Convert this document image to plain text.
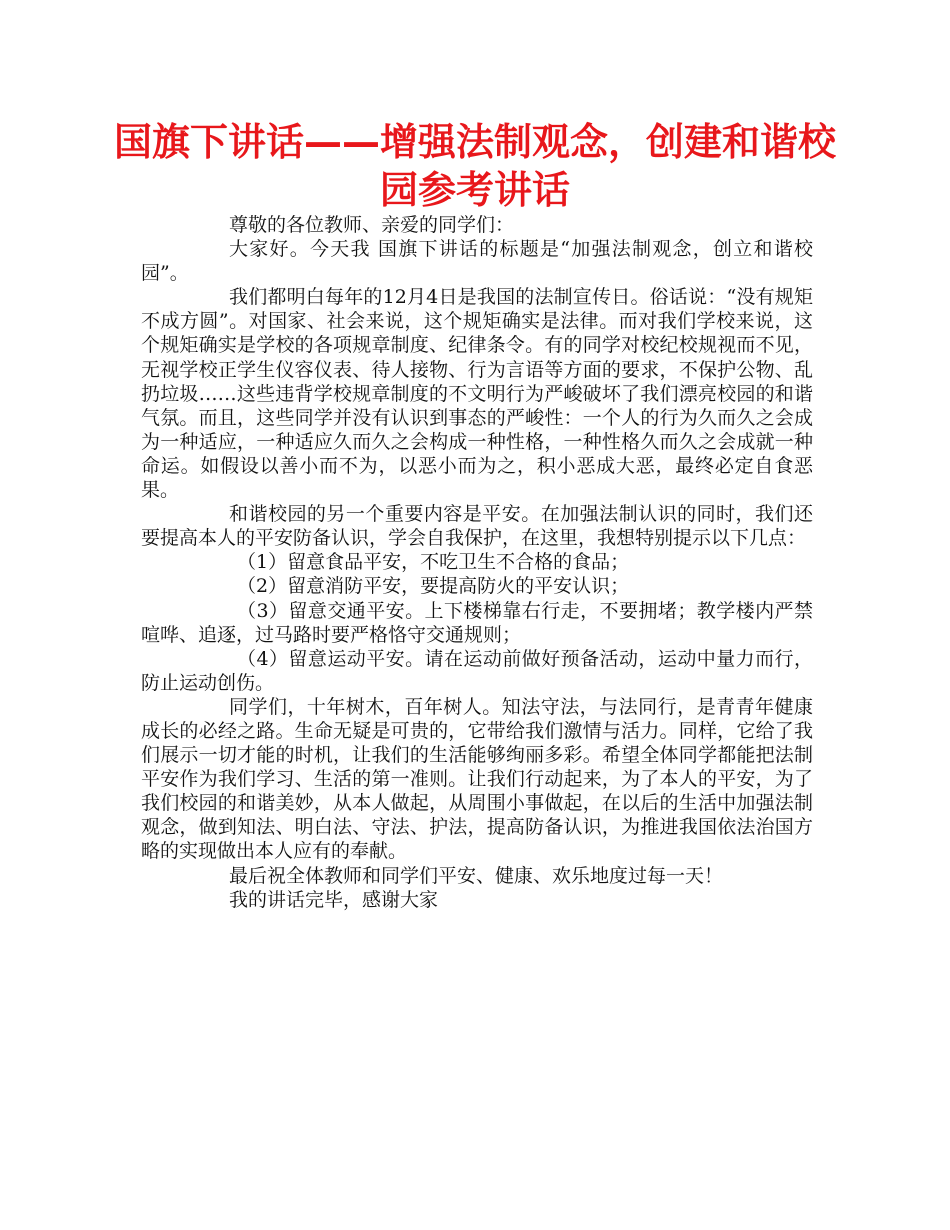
国旗下讲话——增强法制观念，创建和谐校园参考讲话

尊敬的各位教师、亲爱的同学们：

大家好。今天我 国旗下讲话的标题是“加强法制观念，创立和谐校园”。

我们都明白每年的12月4日是我国的法制宣传日。俗话说：“没有规矩不成方圆”。对国家、社会来说，这个规矩确实是法律。而对我们学校来说，这个规矩确实是学校的各项规章制度、纪律条令。有的同学对校纪校规视而不见，无视学校正学生仪容仪表、待人接物、行为言语等方面的要求，不保护公物、乱扔垃圾……这些违背学校规章制度的不文明行为严峻破坏了我们漂亮校园的和谐气氛。而且，这些同学并没有认识到事态的严峻性：一个人的行为久而久之会成为一种适应，一种适应久而久之会构成一种性格，一种性格久而久之会成就一种命运。如假设以善小而不为，以恶小而为之，积小恶成大恶，最终必定自食恶果。

和谐校园的另一个重要内容是平安。在加强法制认识的同时，我们还要提高本人的平安防备认识，学会自我保护，在这里，我想特别提示以下几点：

（1）留意食品平安，不吃卫生不合格的食品；

（2）留意消防平安，要提高防火的平安认识；

（3）留意交通平安。上下楼梯靠右行走，不要拥堵；教学楼内严禁喧哗、追逐，过马路时要严格恪守交通规则；

（4）留意运动平安。请在运动前做好预备活动，运动中量力而行，防止运动创伤。

同学们，十年树木，百年树人。知法守法，与法同行，是青青年健康成长的必经之路。生命无疑是可贵的，它带给我们激情与活力。同样，它给了我们展示一切才能的时机，让我们的生活能够绚丽多彩。希望全体同学都能把法制平安作为我们学习、生活的第一准则。让我们行动起来，为了本人的平安，为了我们校园的和谐美妙，从本人做起，从周围小事做起，在以后的生活中加强法制观念，做到知法、明白法、守法、护法，提高防备认识，为推进我国依法治国方略的实现做出本人应有的奉献。

最后祝全体教师和同学们平安、健康、欢乐地度过每一天！

我的讲话完毕，感谢大家
